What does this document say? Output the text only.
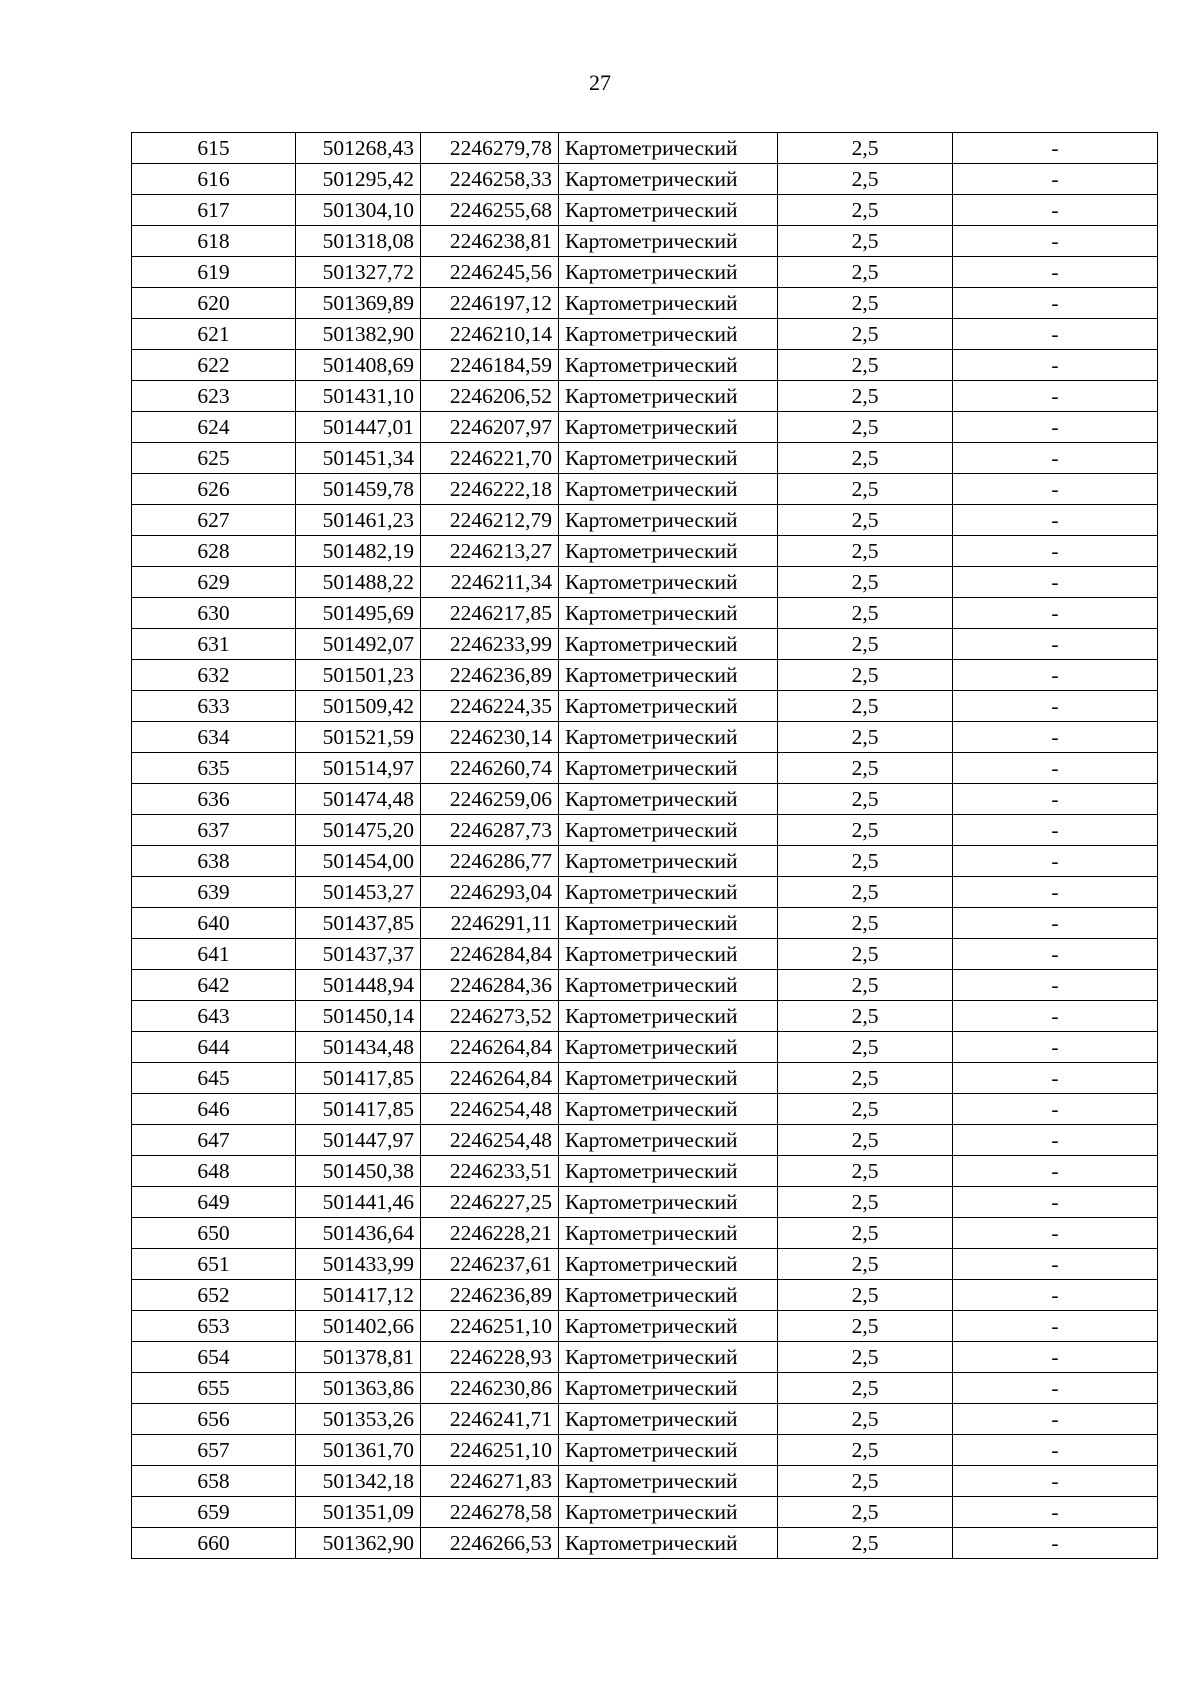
27
615	501268,43	2246279,78	Картометрический	2,5	-
616	501295,42	2246258,33	Картометрический	2,5	-
617	501304,10	2246255,68	Картометрический	2,5	-
618	501318,08	2246238,81	Картометрический	2,5	-
619	501327,72	2246245,56	Картометрический	2,5	-
620	501369,89	2246197,12	Картометрический	2,5	-
621	501382,90	2246210,14	Картометрический	2,5	-
622	501408,69	2246184,59	Картометрический	2,5	-
623	501431,10	2246206,52	Картометрический	2,5	-
624	501447,01	2246207,97	Картометрический	2,5	-
625	501451,34	2246221,70	Картометрический	2,5	-
626	501459,78	2246222,18	Картометрический	2,5	-
627	501461,23	2246212,79	Картометрический	2,5	-
628	501482,19	2246213,27	Картометрический	2,5	-
629	501488,22	2246211,34	Картометрический	2,5	-
630	501495,69	2246217,85	Картометрический	2,5	-
631	501492,07	2246233,99	Картометрический	2,5	-
632	501501,23	2246236,89	Картометрический	2,5	-
633	501509,42	2246224,35	Картометрический	2,5	-
634	501521,59	2246230,14	Картометрический	2,5	-
635	501514,97	2246260,74	Картометрический	2,5	-
636	501474,48	2246259,06	Картометрический	2,5	-
637	501475,20	2246287,73	Картометрический	2,5	-
638	501454,00	2246286,77	Картометрический	2,5	-
639	501453,27	2246293,04	Картометрический	2,5	-
640	501437,85	2246291,11	Картометрический	2,5	-
641	501437,37	2246284,84	Картометрический	2,5	-
642	501448,94	2246284,36	Картометрический	2,5	-
643	501450,14	2246273,52	Картометрический	2,5	-
644	501434,48	2246264,84	Картометрический	2,5	-
645	501417,85	2246264,84	Картометрический	2,5	-
646	501417,85	2246254,48	Картометрический	2,5	-
647	501447,97	2246254,48	Картометрический	2,5	-
648	501450,38	2246233,51	Картометрический	2,5	-
649	501441,46	2246227,25	Картометрический	2,5	-
650	501436,64	2246228,21	Картометрический	2,5	-
651	501433,99	2246237,61	Картометрический	2,5	-
652	501417,12	2246236,89	Картометрический	2,5	-
653	501402,66	2246251,10	Картометрический	2,5	-
654	501378,81	2246228,93	Картометрический	2,5	-
655	501363,86	2246230,86	Картометрический	2,5	-
656	501353,26	2246241,71	Картометрический	2,5	-
657	501361,70	2246251,10	Картометрический	2,5	-
658	501342,18	2246271,83	Картометрический	2,5	-
659	501351,09	2246278,58	Картометрический	2,5	-
660	501362,90	2246266,53	Картометрический	2,5	-
